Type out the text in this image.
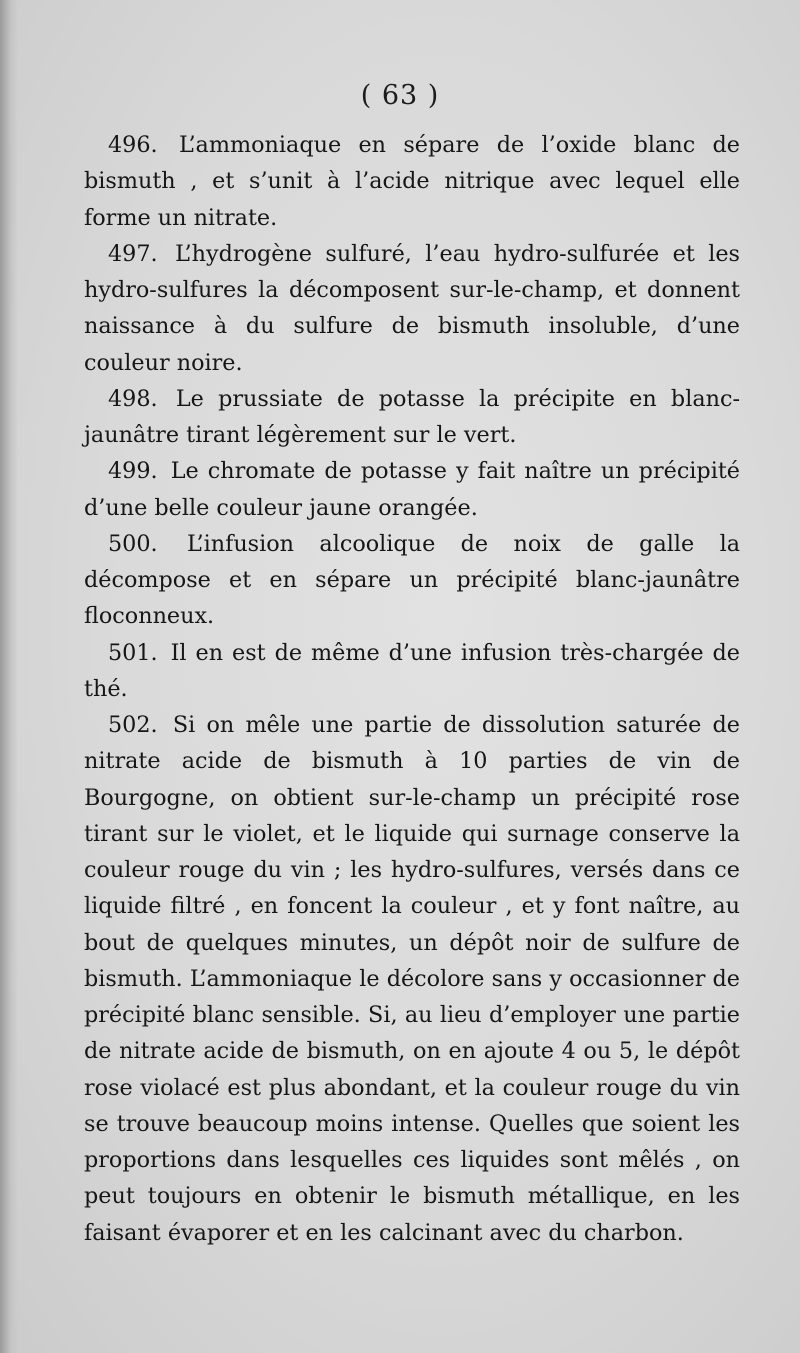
( 63 )

496. L’ammoniaque en sépare de l’oxide blanc de bismuth , et s’unit à l’acide nitrique avec lequel elle forme un nitrate.

497. L’hydrogène sulfuré, l’eau hydro-sulfurée et les hydro-sulfures la décomposent sur-le-champ, et donnent naissance à du sulfure de bismuth insoluble, d’une couleur noire.

498. Le prussiate de potasse la précipite en blanc-jaunâtre tirant légèrement sur le vert.

499. Le chromate de potasse y fait naître un précipité d’une belle couleur jaune orangée.

500. L’infusion alcoolique de noix de galle la décompose et en sépare un précipité blanc-jaunâtre floconneux.

501. Il en est de même d’une infusion très-chargée de thé.

502. Si on mêle une partie de dissolution saturée de nitrate acide de bismuth à 10 parties de vin de Bourgogne, on obtient sur-le-champ un précipité rose tirant sur le violet, et le liquide qui surnage conserve la couleur rouge du vin ; les hydro-sulfures, versés dans ce liquide filtré , en foncent la couleur , et y font naître, au bout de quelques minutes, un dépôt noir de sulfure de bismuth. L’ammoniaque le décolore sans y occasionner de précipité blanc sensible. Si, au lieu d’employer une partie de nitrate acide de bismuth, on en ajoute 4 ou 5, le dépôt rose violacé est plus abondant, et la couleur rouge du vin se trouve beaucoup moins intense. Quelles que soient les proportions dans lesquelles ces liquides sont mêlés , on peut toujours en obtenir le bismuth métallique, en les faisant évaporer et en les calcinant avec du charbon.
